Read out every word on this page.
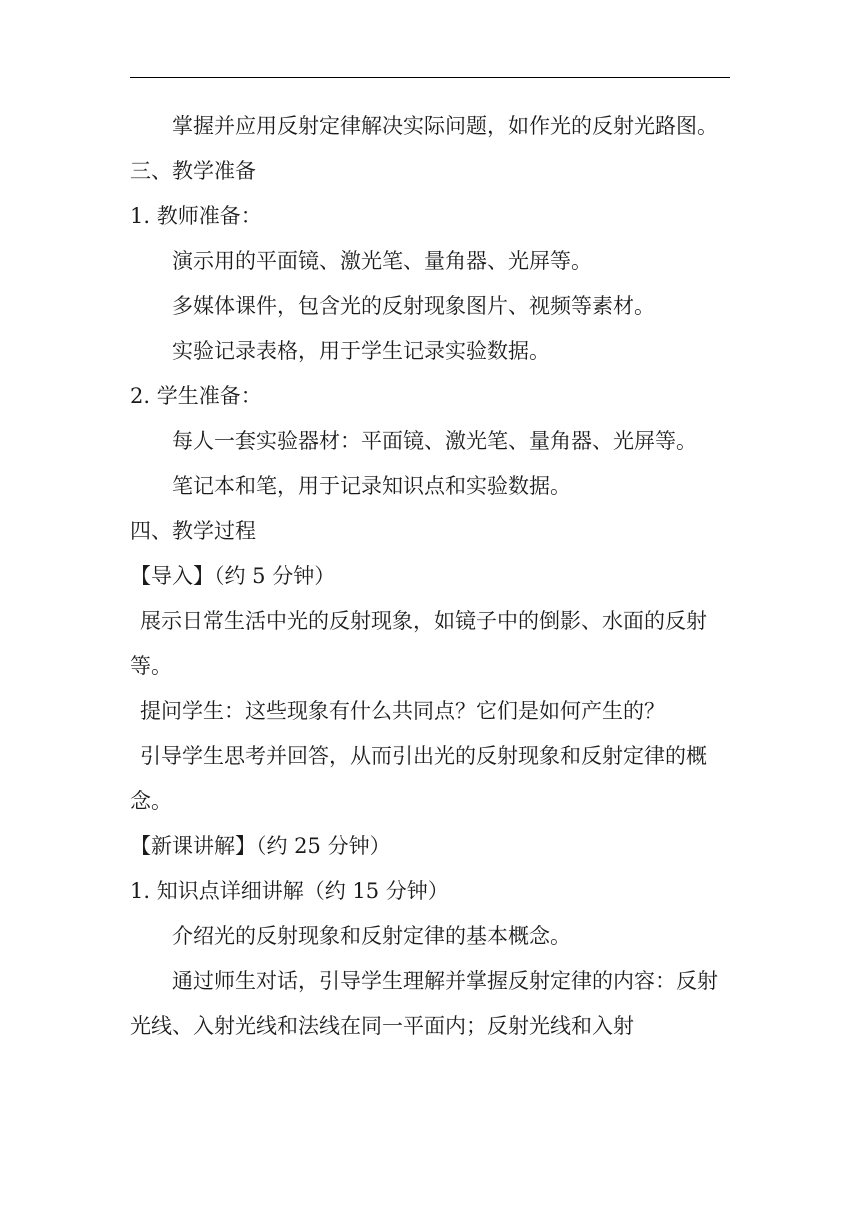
掌握并应用反射定律解决实际问题，如作光的反射光路图。

三、教学准备

1. 教师准备：

演示用的平面镜、激光笔、量角器、光屏等。

多媒体课件，包含光的反射现象图片、视频等素材。

实验记录表格，用于学生记录实验数据。

2. 学生准备：

每人一套实验器材：平面镜、激光笔、量角器、光屏等。

笔记本和笔，用于记录知识点和实验数据。

四、教学过程

【导入】（约 5 分钟）

展示日常生活中光的反射现象，如镜子中的倒影、水面的反射等。

提问学生：这些现象有什么共同点？它们是如何产生的？

引导学生思考并回答，从而引出光的反射现象和反射定律的概念。

【新课讲解】（约 25 分钟）

1. 知识点详细讲解（约 15 分钟）

介绍光的反射现象和反射定律的基本概念。

通过师生对话，引导学生理解并掌握反射定律的内容：反射光线、入射光线和法线在同一平面内；反射光线和入射
